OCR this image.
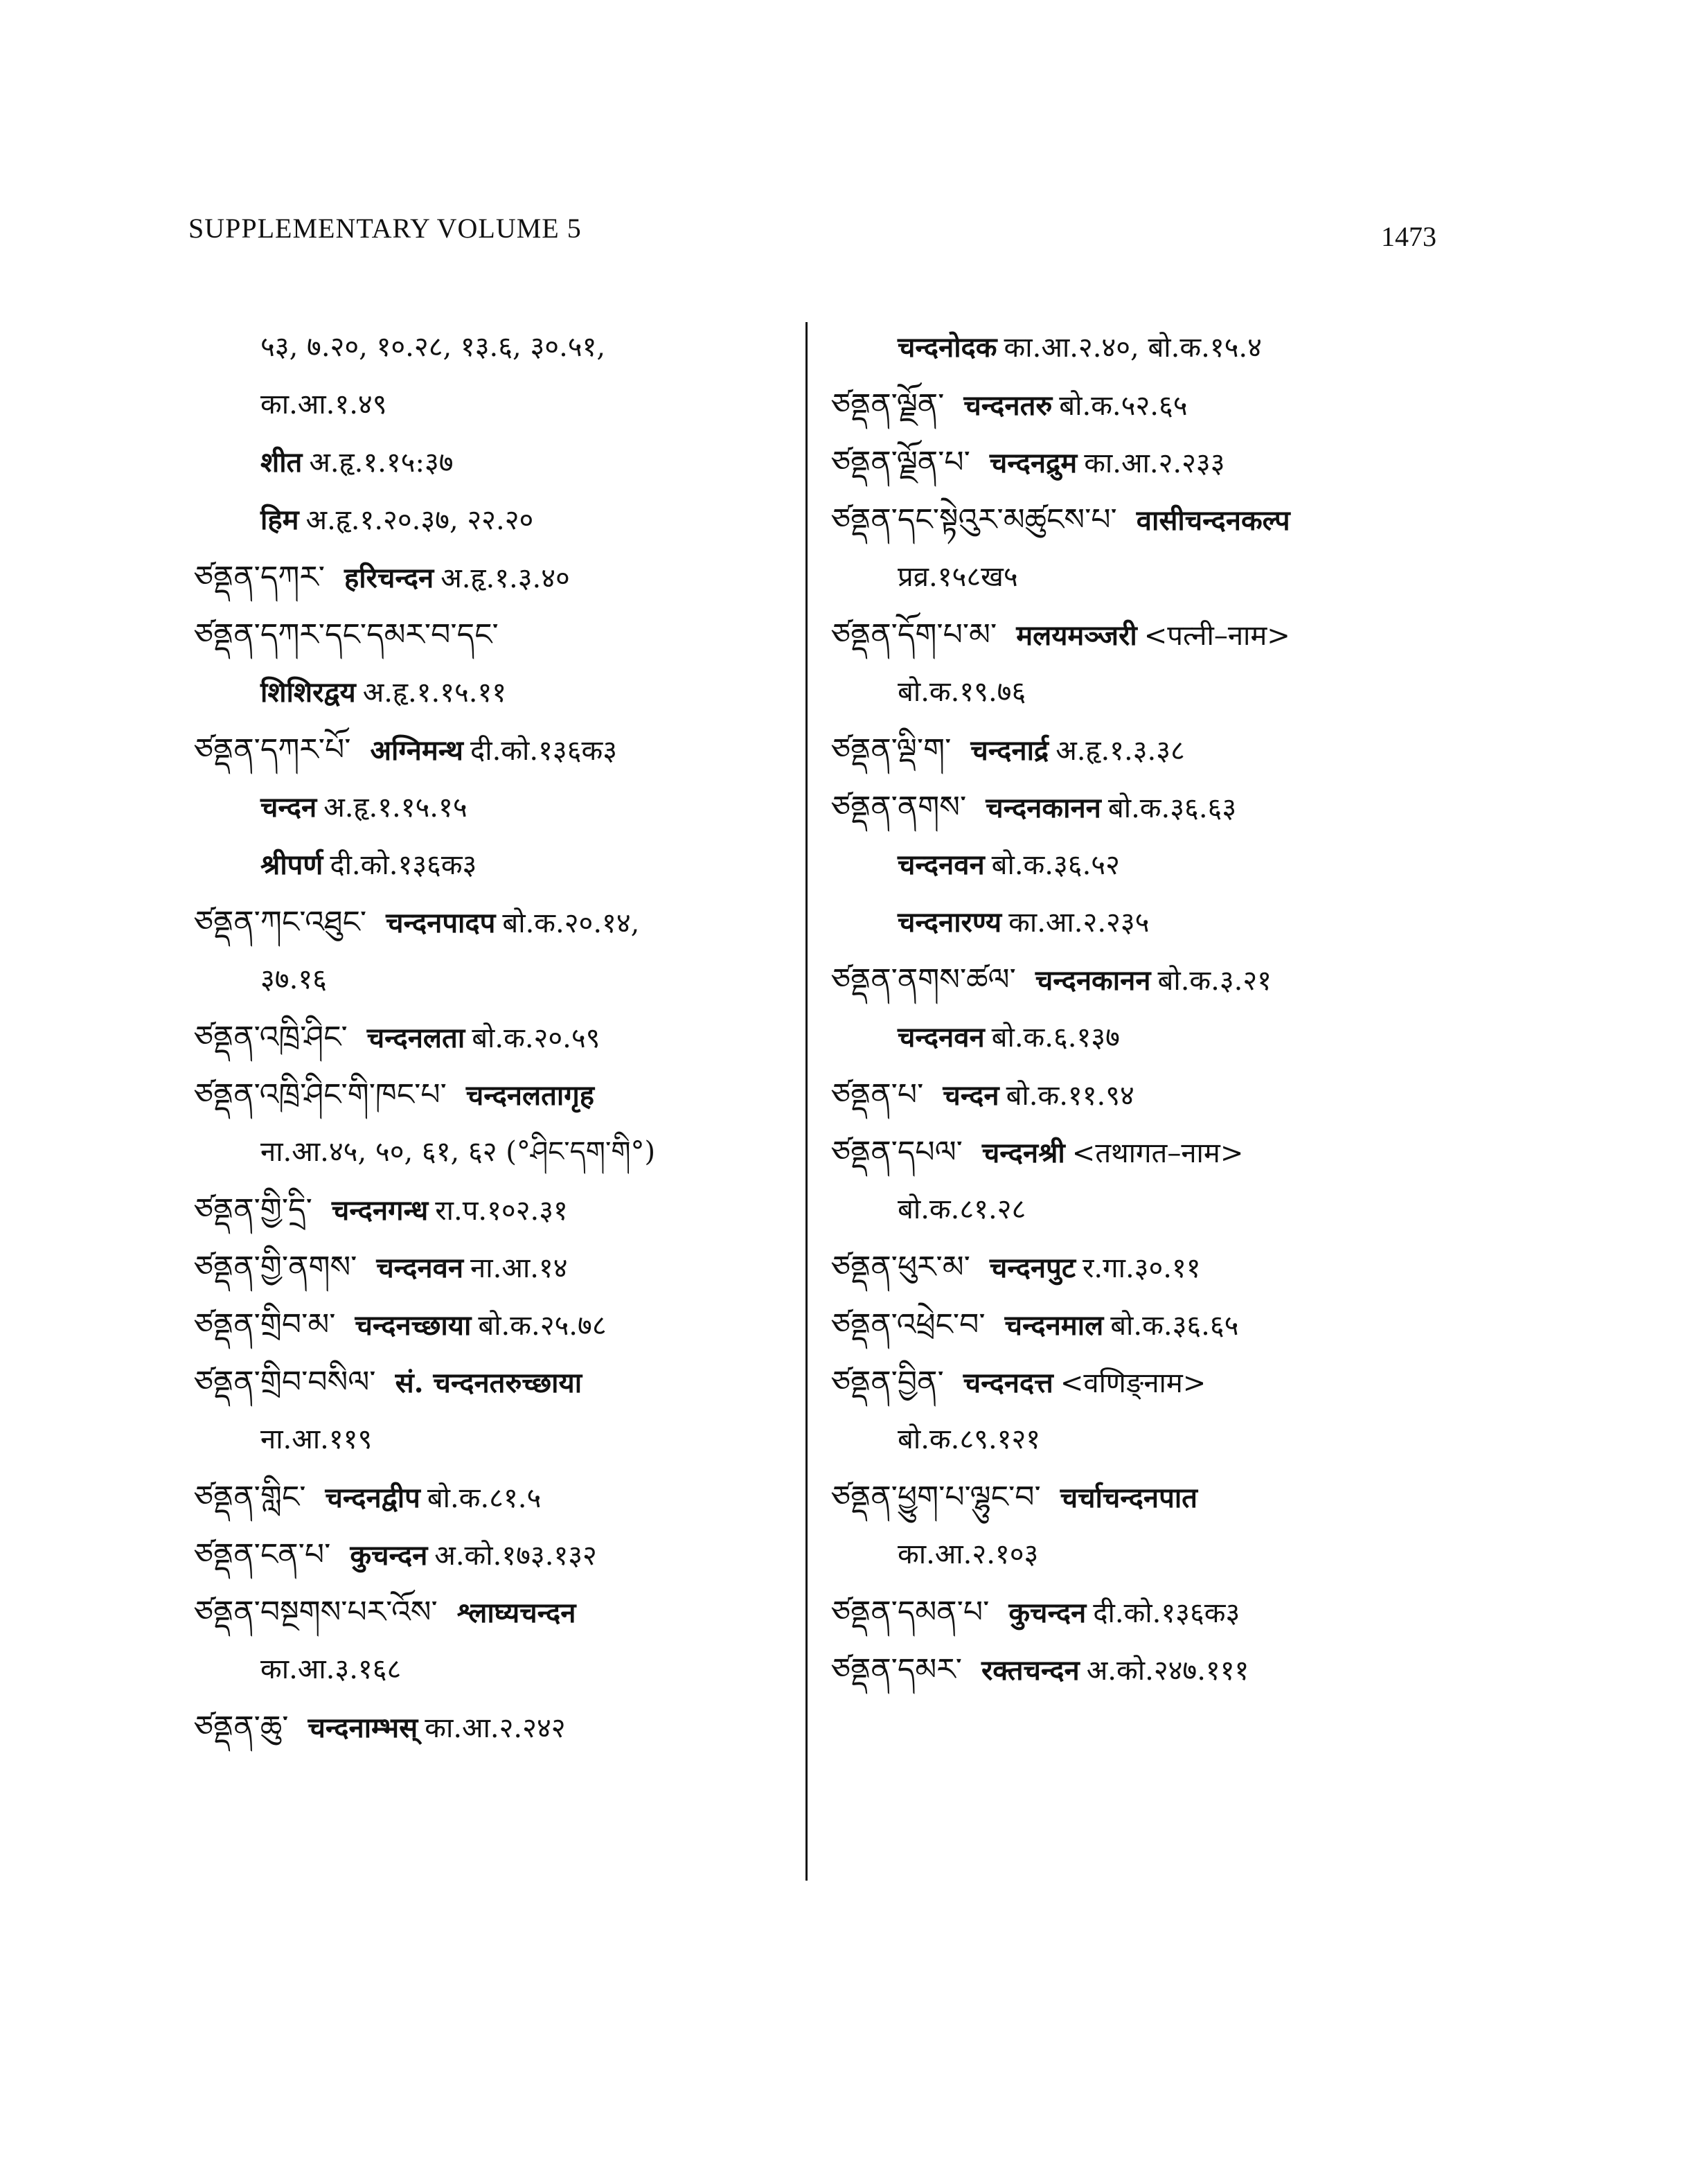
SUPPLEMENTARY VOLUME 5	1473
५३, ७.२०, १०.२८, १३.६, ३०.५१,
का.आ.१.४९
शीत अ.हृ.१.१५:३७
हिम अ.हृ.१.२०.३७, २२.२०
ཙནྡན་དཀར་ हरिचन्दन अ.हृ.१.३.४०
ཙནྡན་དཀར་དང་དམར་བ་དང་
शिशिरद्वय अ.हृ.१.१५.११
ཙནྡན་དཀར་པོ་ अग्निमन्थ दी.को.१३६क३
चन्दन अ.हृ.१.१५.१५
श्रीपर्ण दी.को.१३६क३
ཙནྡན་ཀང་འཐུང་ चन्दनपादप बो.क.२०.१४,
३७.१६
ཙནྡན་འཁྲི་ཤིང་ चन्दनलता बो.क.२०.५९
ཙནྡན་འཁྲི་ཤིང་གི་ཁང་པ་ चन्दनलतागृह
ना.आ.४५, ५०, ६१, ६२ (°ཤིང་དག་གི°)
ཙནྡན་གྱི་དྲི་ चन्दनगन्ध रा.प.१०२.३१
ཙནྡན་གྱི་ནགས་ चन्दनवन ना.आ.१४
ཙནྡན་གྲིབ་མ་ चन्दनच्छाया बो.क.२५.७८
ཙནྡན་གྲིབ་བསིལ་ सं. चन्दनतरुच्छाया
ना.आ.११९
ཙནྡན་གླིང་ चन्दनद्वीप बो.क.८१.५
ཙནྡན་ངན་པ་ कुचन्दन अ.को.१७३.१३२
ཙནྡན་བསྔགས་པར་འོས་ श्लाघ्यचन्दन
का.आ.३.१६८
ཙནྡན་ཆུ་ चन्दनाम्भस् का.आ.२.२४२
चन्दनोदक का.आ.२.४०, बो.क.१५.४
ཙནྡན་ལྗོན་ चन्दनतरु बो.क.५२.६५
ཙནྡན་ལྗོན་པ་ चन्दनद्रुम का.आ.२.२३३
ཙནྡན་དང་སྟེའུར་མཚུངས་པ་ वासीचन्दनकल्प
प्रव्र.१५८ख५
ཙནྡན་དོག་པ་མ་ मलयमञ्जरी <पत्नी–नाम>
बो.क.१९.७६
ཙནྡན་ལྡི་ག་ चन्दनार्द्र अ.हृ.१.३.३८
ཙནྡན་ནགས་ चन्दनकानन बो.क.३६.६३
चन्दनवन बो.क.३६.५२
चन्दनारण्य का.आ.२.२३५
ཙནྡན་ནགས་ཚལ་ चन्दनकानन बो.क.३.२१
चन्दनवन बो.क.६.१३७
ཙནྡན་པ་ चन्दन बो.क.११.९४
ཙནྡན་དཔལ་ चन्दनश्री <तथागत–नाम>
बो.क.८१.२८
ཙནྡན་ཕུར་མ་ चन्दनपुट र.गा.३०.११
ཙནྡན་འཕྲེང་བ་ चन्दनमाल बो.क.३६.६५
ཙནྡན་བྱིན་ चन्दनदत्त <वणिङ्नाम>
बो.क.८९.१२१
ཙནྡན་ཕྱུག་པ་ལྷུང་བ་ चर्चाचन्दनपात
का.आ.२.१०३
ཙནྡན་དམན་པ་ कुचन्दन दी.को.१३६क३
ཙནྡན་དམར་ रक्तचन्दन अ.को.२४७.१११
